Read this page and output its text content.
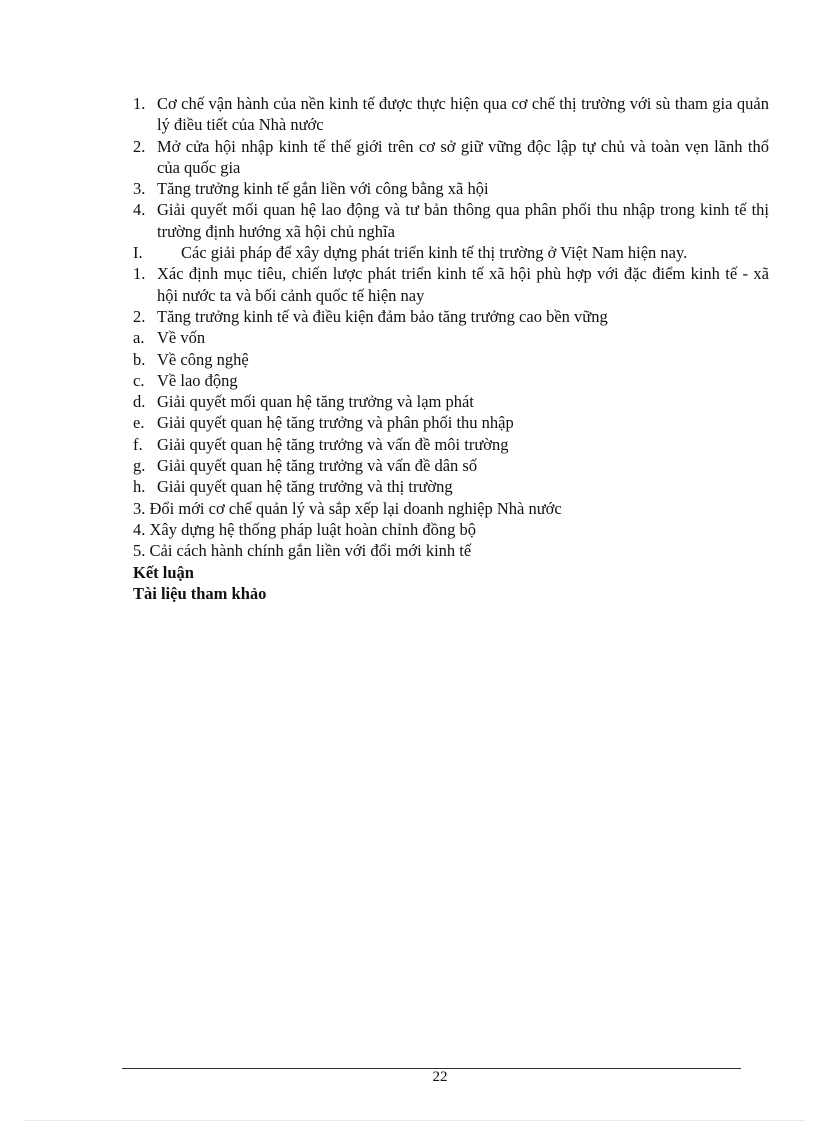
1. Cơ chế vận hành của nền kinh tế được thực hiện qua cơ chế thị trường với sù tham gia quản lý điều tiết của Nhà nước
2. Mở cửa hội nhập kinh tế thế giới trên cơ sở giữ vững độc lập tự chủ và toàn vẹn lãnh thổ của quốc gia
3. Tăng trưởng kinh tế gắn liền với công bằng xã hội
4. Giải quyết mối quan hệ lao động và tư bản thông qua phân phối thu nhập trong kinh tế thị trường định hướng xã hội chủ nghĩa
I.	Các giải pháp để xây dựng phát triển kinh tế thị trường ở Việt Nam hiện nay.
1. Xác định mục tiêu, chiến lược phát triển kinh tế xã hội phù hợp với đặc điểm kinh tế - xã hội nước ta và bối cảnh quốc tế hiện nay
2. Tăng trưởng kinh tế và điều kiện đảm bảo tăng trưởng cao bền vững
a. Về vốn
b. Về công nghệ
c. Về lao động
d. Giải quyết mối quan hệ tăng trưởng và lạm phát
e. Giải quyết quan hệ tăng trưởng và phân phối thu nhập
f. Giải quyết quan hệ tăng trưởng và vấn đề môi trường
g. Giải quyết quan hệ tăng trưởng và vấn đề dân số
h. Giải quyết quan hệ tăng trưởng và thị trường
3. Đổi mới cơ chế quản lý và sắp xếp lại doanh nghiệp Nhà nước
4. Xây dựng hệ thống pháp luật hoàn chỉnh đồng bộ
5. Cải cách hành chính gắn liền với đổi mới kinh tế
Kết luận
Tài liệu tham khảo
22
